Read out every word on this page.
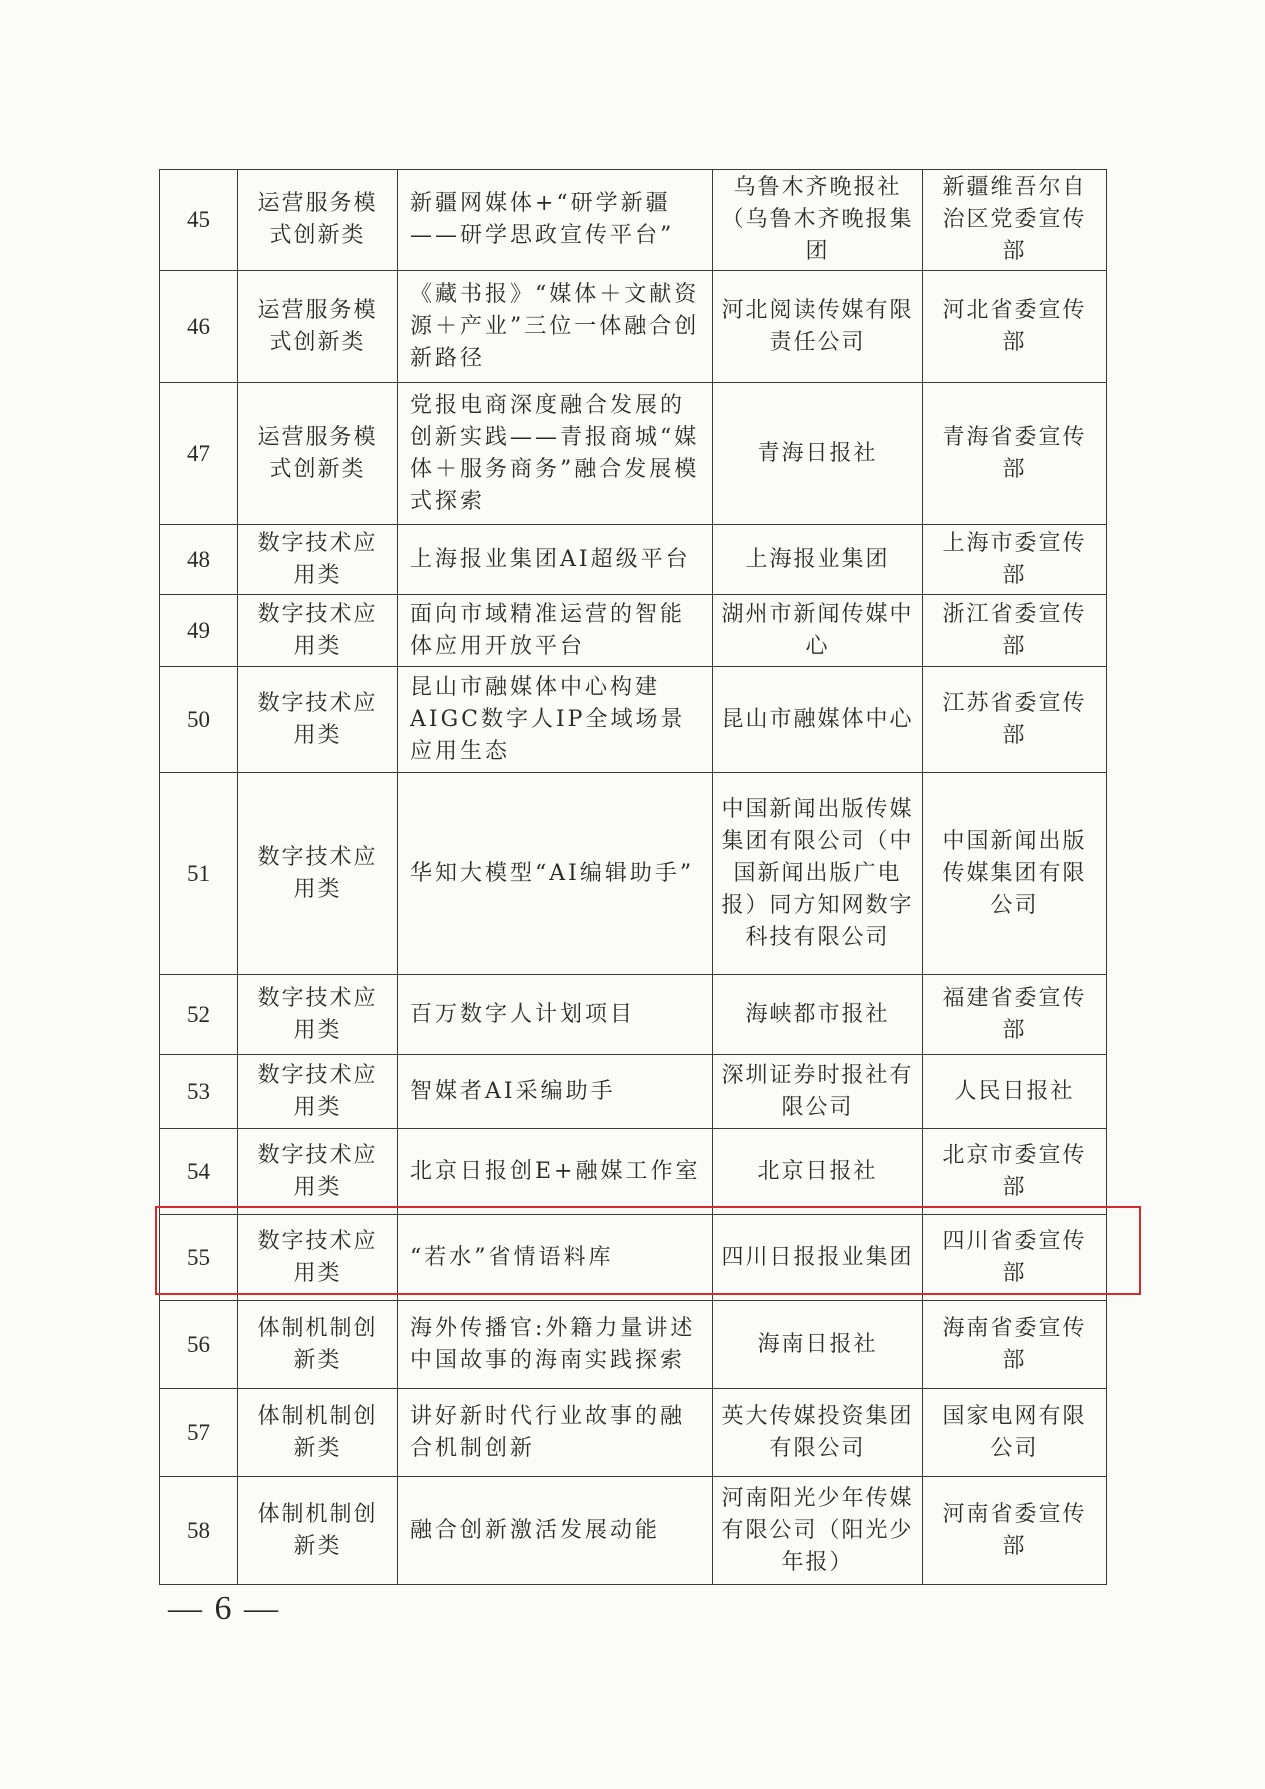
45	运营服务模式创新类	新疆网媒体+“研学新疆——研学思政宣传平台”	乌鲁木齐晚报社（乌鲁木齐晚报集团	新疆维吾尔自治区党委宣传部
46	运营服务模式创新类	《藏书报》“媒体＋文献资源＋产业”三位一体融合创新路径	河北阅读传媒有限责任公司	河北省委宣传部
47	运营服务模式创新类	党报电商深度融合发展的创新实践——青报商城“媒体＋服务商务”融合发展模式探索	青海日报社	青海省委宣传部
48	数字技术应用类	上海报业集团AI超级平台	上海报业集团	上海市委宣传部
49	数字技术应用类	面向市域精准运营的智能体应用开放平台	湖州市新闻传媒中心	浙江省委宣传部
50	数字技术应用类	昆山市融媒体中心构建AIGC数字人IP全域场景应用生态	昆山市融媒体中心	江苏省委宣传部
51	数字技术应用类	华知大模型“AI编辑助手”	中国新闻出版传媒集团有限公司（中国新闻出版广电报）同方知网数字科技有限公司	中国新闻出版传媒集团有限公司
52	数字技术应用类	百万数字人计划项目	海峡都市报社	福建省委宣传部
53	数字技术应用类	智媒者AI采编助手	深圳证券时报社有限公司	人民日报社
54	数字技术应用类	北京日报创E+融媒工作室	北京日报社	北京市委宣传部
55	数字技术应用类	“若水”省情语料库	四川日报报业集团	四川省委宣传部
56	体制机制创新类	海外传播官:外籍力量讲述中国故事的海南实践探索	海南日报社	海南省委宣传部
57	体制机制创新类	讲好新时代行业故事的融合机制创新	英大传媒投资集团有限公司	国家电网有限公司
58	体制机制创新类	融合创新激活发展动能	河南阳光少年传媒有限公司（阳光少年报）	河南省委宣传部
— 6 —
